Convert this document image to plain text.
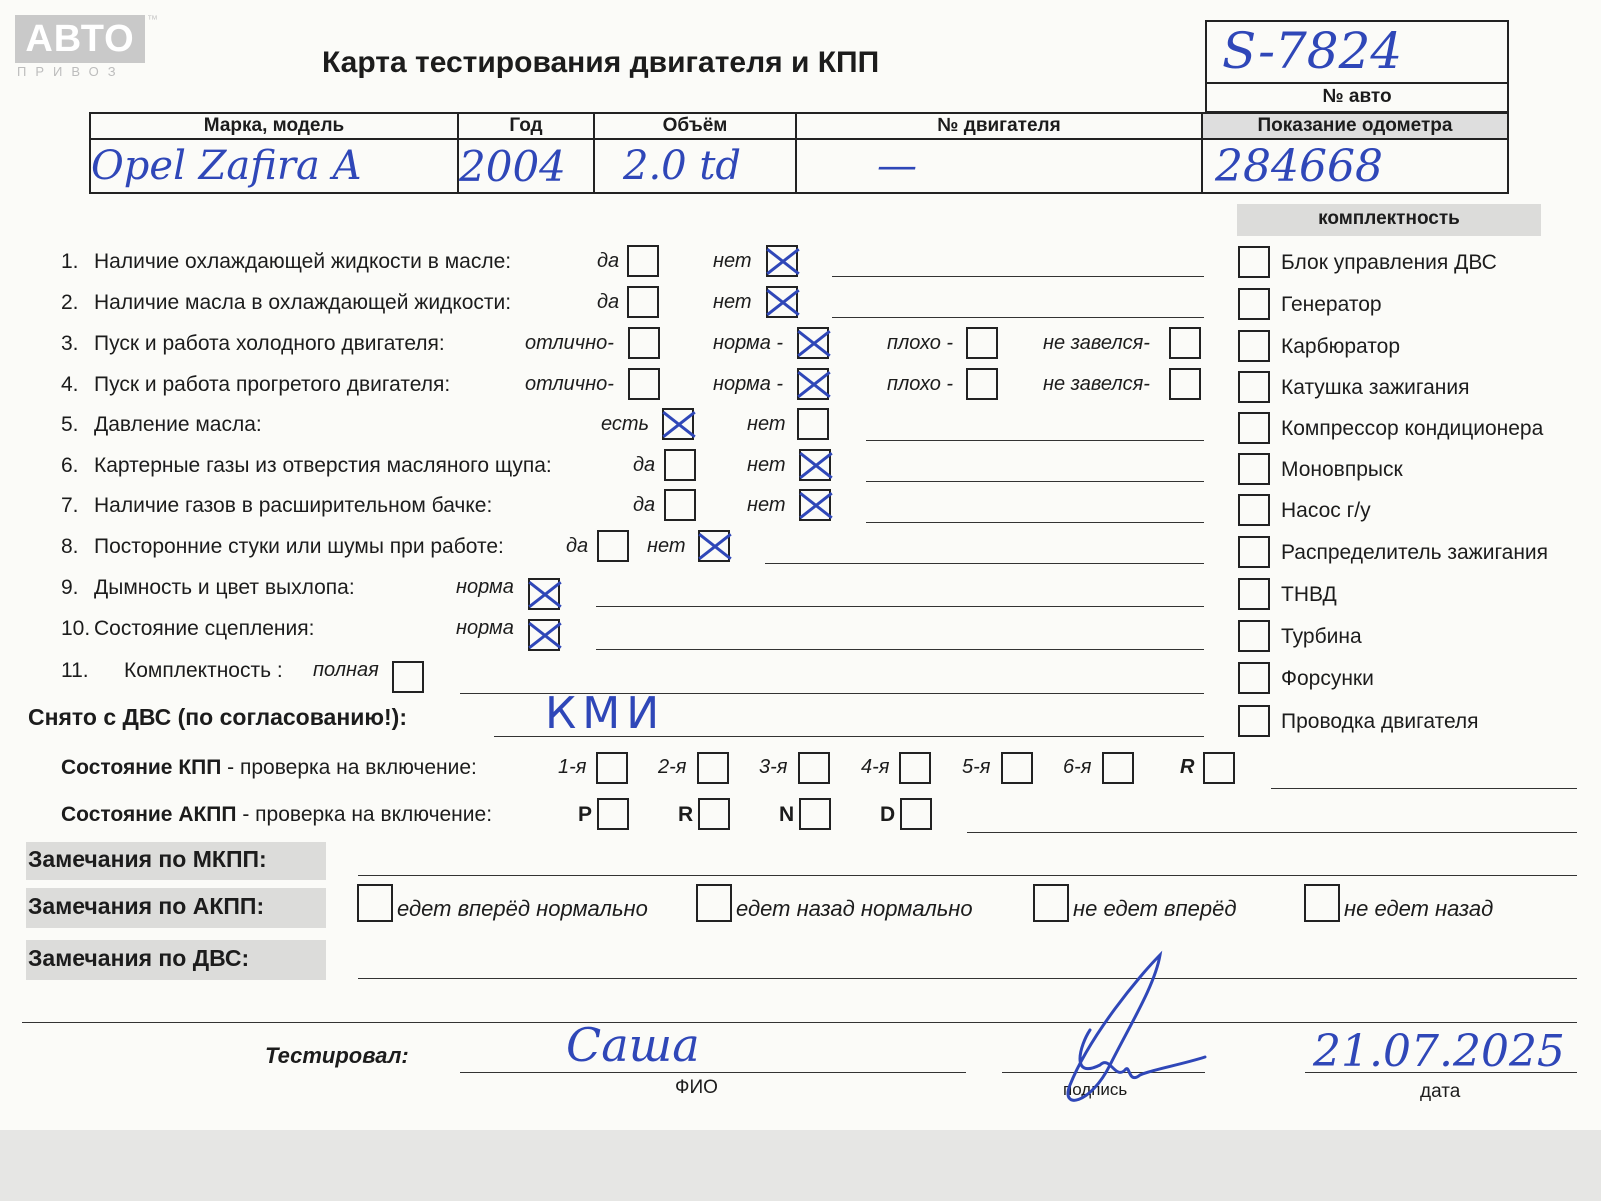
АВТО	™
ПРИВОЗ	Карта тестирования двигателя и КПП	S-7824
№ авто
Марка, модель	Год	Объём	№ двигателя	Показание одометра
Opel Zafira A	2004	2.0 td	—	284668
комплектность
Блок управления ДВС
Генератор
Карбюратор
Катушка зажигания
Компрессор кондиционера
Моновпрыск
Насос г/у
Распределитель зажигания
ТНВД
Турбина
Форсунки
Проводка двигателя
1. Наличие охлаждающей жидкости в масле:	да	нет
2. Наличие масла в охлаждающей жидкости:	да	нет
3. Пуск и работа холодного двигателя:	отлично-	норма -	плохо -	не завелся-
4. Пуск и работа прогретого двигателя:	отлично-	норма -	плохо -	не завелся-
5. Давление масла:	есть	нет
6. Картерные газы из отверстия масляного щупа:	да	нет
7. Наличие газов в расширительном бачке:	да	нет
8. Посторонние стуки или шумы при работе:	да	нет
9. Дымность и цвет выхлопа:	норма
10. Состояние сцепления:	норма
11. Комплектность : полная
Снято с ДВС (по согласованию!):	КМИ
Состояние КПП - проверка на включение:	1-я	2-я	3-я	4-я	5-я	6-я	R
Состояние АКПП - проверка на включение:	P	R	N	D
Замечания по МКПП:
Замечания по АКПП:	едет вперёд нормально	едет назад нормально	не едет вперёд	не едет назад
Замечания по ДВС:
Тестировал:	Саша
ФИО	подпись
21.07.2025
дата
